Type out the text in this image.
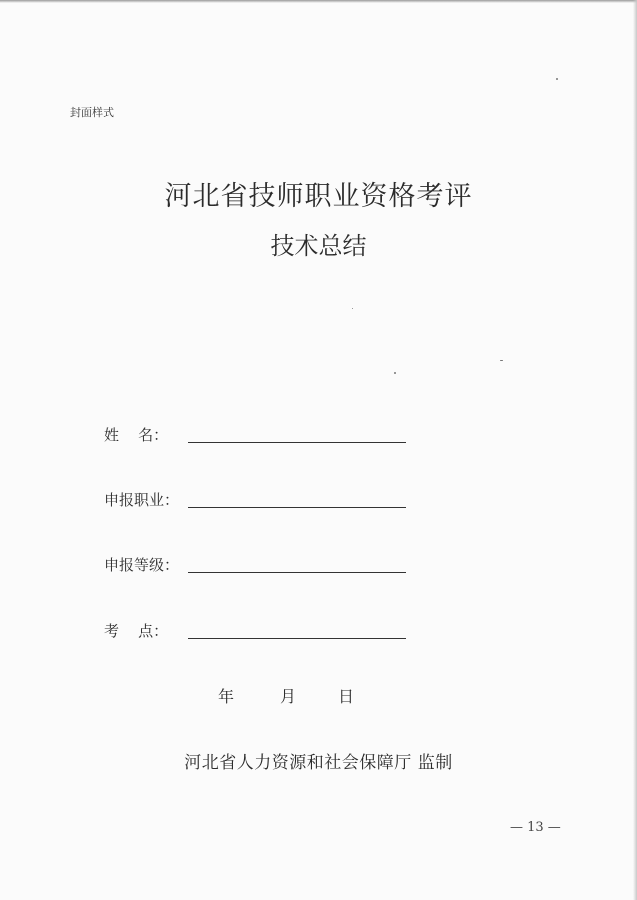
封面样式
河北省技师职业资格考评
技术总结
姓    名：
申报职业：
申报等级：
考    点：
年	月	日
河北省人力资源和社会保障厅 监制
— 13 —
